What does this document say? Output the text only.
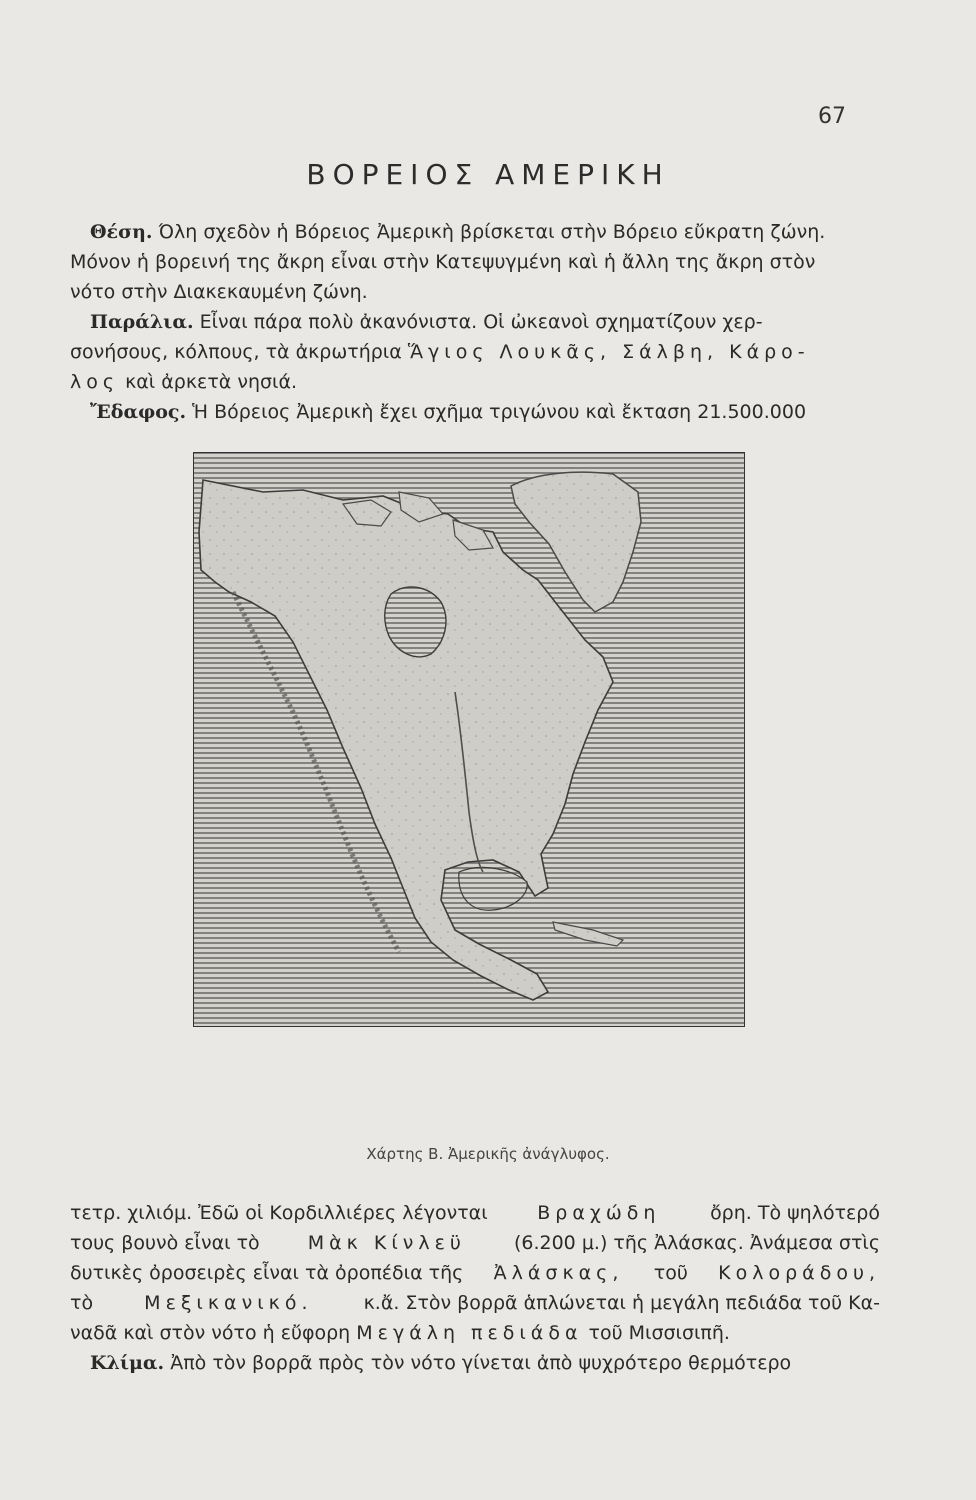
67
ΒΟΡΕΙΟΣ ΑΜΕΡΙΚΗ
Θέση. Όλη σχεδὸν ἡ Βόρειος Ἀμερικὴ βρίσκεται στὴν Βόρειο εὔκρατη ζώνη.
Μόνον ἡ βορεινή της ἄκρη εἶναι στὴν Κατεψυγμένη καὶ ἡ ἄλλη της ἄκρη στὸν
νότο στὴν Διακεκαυμένη ζώνη.
Παράλια. Εἶναι πάρα πολὺ ἀκανόνιστα. Οἱ ὠκεανοὶ σχηματίζουν χερ-
σονήσους, κόλπους, τὰ ἀκρωτήρια Ἅγιος Λουκᾶς, Σάλβη, Κάρο-
λος καὶ ἀρκετὰ νησιά.
Ἔδαφος. Ἡ Βόρειος Ἀμερικὴ ἔχει σχῆμα τριγώνου καὶ ἔκταση 21.500.000
Χάρτης Β. Ἀμερικῆς ἀνάγλυφος.
τετρ. χιλιόμ. Ἐδῶ οἱ Κορδιλλιέρες λέγονται	Βραχώδη	ὄρη. Τὸ ψηλότερό
τους βουνὸ εἶναι τὸ	Μὰκ Κίνλεϋ	(6.200 μ.) τῆς Ἀλάσκας. Ἀνάμεσα στὶς
δυτικὲς ὀροσειρὲς εἶναι τὰ ὀροπέδια τῆς Ἀλάσκας, τοῦ Κολοράδου,
τὸ	Μεξικανικό.	κ.ἄ. Στὸν βορρᾶ ἁπλώνεται ἡ μεγάλη πεδιάδα τοῦ Κα-
ναδᾶ καὶ στὸν νότο ἡ εὔφορη Μεγάλη πεδιάδα τοῦ Μισσισιπῆ.
Κλίμα. Ἀπὸ τὸν βορρᾶ πρὸς τὸν νότο γίνεται ἀπὸ ψυχρότερο θερμότερο
